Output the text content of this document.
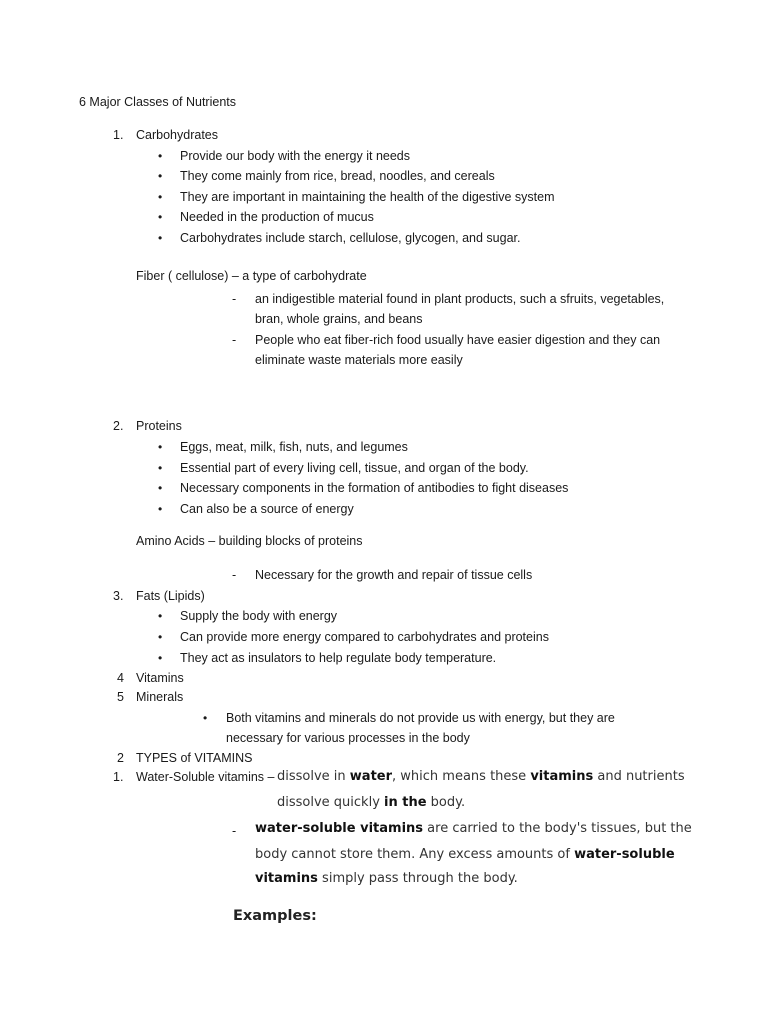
6 Major Classes of Nutrients
1. Carbohydrates
• Provide our body with the energy it needs
• They come mainly from rice, bread, noodles, and cereals
• They are important in maintaining the health of the digestive system
• Needed in the production of mucus
• Carbohydrates include starch, cellulose, glycogen, and sugar.
Fiber ( cellulose) – a type of carbohydrate
- an indigestible material found in plant products, such a sfruits, vegetables,
bran, whole grains, and beans
- People who eat fiber-rich food usually have easier digestion and they can
eliminate waste materials more easily
2. Proteins
• Eggs, meat, milk, fish, nuts, and legumes
• Essential part of every living cell, tissue, and organ of the body.
• Necessary components in the formation of antibodies to fight diseases
• Can also be a source of energy
Amino Acids – building blocks of proteins
- Necessary for the growth and repair of tissue cells
3. Fats (Lipids)
• Supply the body with energy
• Can provide more energy compared to carbohydrates and proteins
• They act as insulators to help regulate body temperature.
4 Vitamins
5 Minerals
• Both vitamins and minerals do not provide us with energy, but they are
necessary for various processes in the body
2 TYPES of VITAMINS
1. Water-Soluble vitamins – dissolve in water, which means these vitamins and nutrients
dissolve quickly in the body.
- water-soluble vitamins are carried to the body's tissues, but the
body cannot store them. Any excess amounts of water-soluble
vitamins simply pass through the body.
Examples:
